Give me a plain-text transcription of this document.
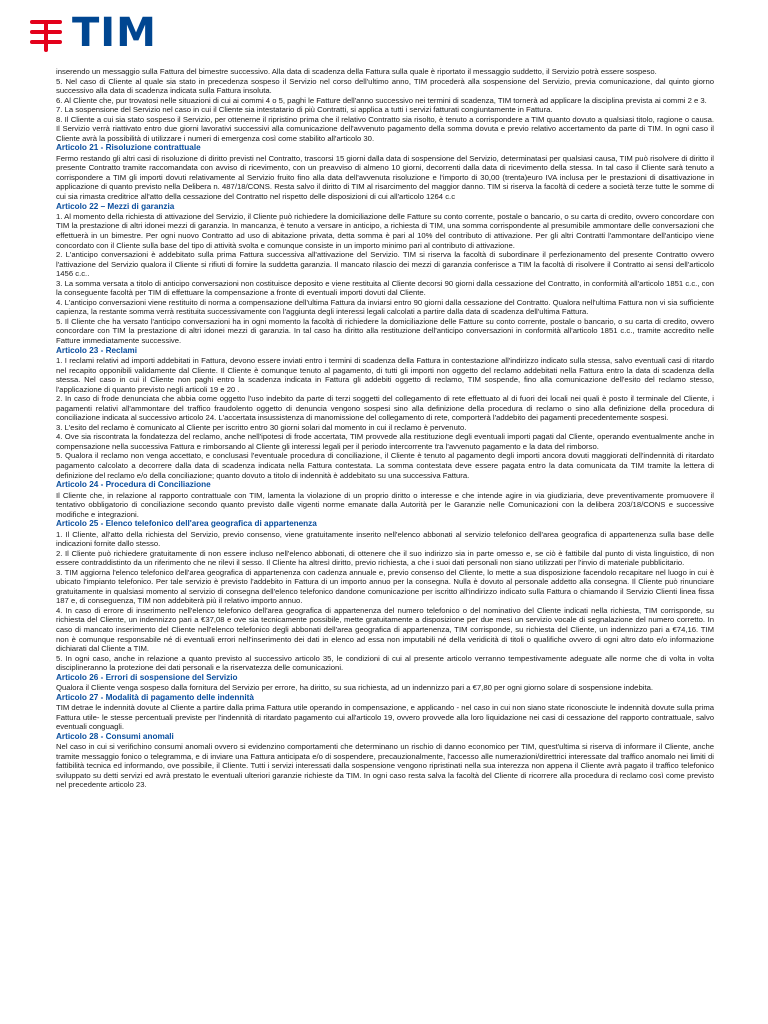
TIM

inserendo un messaggio sulla Fattura del bimestre successivo. Alla data di scadenza della Fattura sulla quale è riportato il messaggio suddetto, il Servizio potrà essere sospeso.

5. Nel caso di Cliente al quale sia stato in precedenza sospeso il Servizio nel corso dell'ultimo anno, TIM procederà alla sospensione del Servizio, previa comunicazione, dal quinto giorno successivo alla data di scadenza indicata sulla Fattura insoluta.

6. Al Cliente che, pur trovatosi nelle situazioni di cui ai commi 4 o 5, paghi le Fatture dell'anno successivo nei termini di scadenza, TIM tornerà ad applicare la disciplina prevista ai commi 2 e 3.

7. La sospensione del Servizio nel caso in cui il Cliente sia intestatario di più Contratti, si applica a tutti i servizi fatturati congiuntamente in Fattura.

8. Il Cliente a cui sia stato sospeso il Servizio, per ottenerne il ripristino prima che il relativo Contratto sia risolto, è tenuto a corrispondere a TIM quanto dovuto a qualsiasi titolo, ragione o causa. Il Servizio verrà riattivato entro due giorni lavorativi successivi alla comunicazione dell'avvenuto pagamento della somma dovuta e previo relativo accertamento da parte di TIM. In ogni caso il Cliente avrà la possibilità di utilizzare i numeri di emergenza così come stabilito all'articolo 30.

Articolo 21 - Risoluzione contrattuale

Fermo restando gli altri casi di risoluzione di diritto previsti nel Contratto, trascorsi 15 giorni dalla data di sospensione del Servizio, determinatasi per qualsiasi causa, TIM può risolvere di diritto il presente Contratto tramite raccomandata con avviso di ricevimento, con un preavviso di almeno 10 giorni, decorrenti dalla data di ricevimento della stessa. In tal caso il Cliente sarà tenuto a corrispondere a TIM gli importi dovuti relativamente al Servizio fruito fino alla data dell'avvenuta risoluzione e l'importo di 30,00 (trenta)euro IVA inclusa per le prestazioni di disattivazione in applicazione di quanto previsto nella Delibera n. 487/18/CONS. Resta salvo il diritto di TIM al risarcimento del maggior danno. TIM si riserva la facoltà di cedere a società terze tutte le somme di cui sia rimasta creditrice all'atto della cessazione del Contratto nel rispetto delle disposizioni di cui all'articolo 1264 c.c

Articolo 22 – Mezzi di garanzia

1. Al momento della richiesta di attivazione del Servizio, il Cliente può richiedere la domiciliazione delle Fatture su conto corrente, postale o bancario, o su carta di credito, ovvero concordare con TIM la prestazione di altri idonei mezzi di garanzia. In mancanza, è tenuto a versare in anticipo, a richiesta di TIM, una somma corrispondente al presumibile ammontare delle conversazioni che effettuerà in un bimestre. Per ogni nuovo Contratto ad uso di abitazione privata, detta somma è pari al 10% del contributo di attivazione. Per gli altri Contratti l'ammontare dell'anticipo viene concordato con il Cliente sulla base del tipo di attività svolta e comunque consiste in un importo minimo pari al contributo di attivazione.

2. L'anticipo conversazioni è addebitato sulla prima Fattura successiva all'attivazione del Servizio. TIM si riserva la facoltà di subordinare il perfezionamento del presente Contratto ovvero l'attivazione del Servizio qualora il Cliente si rifiuti di fornire la suddetta garanzia. Il mancato rilascio dei mezzi di garanzia conferisce a TIM la facoltà di risolvere il Contratto ai sensi dell'articolo 1456 c.c..

3. La somma versata a titolo di anticipo conversazioni non costituisce deposito e viene restituita al Cliente decorsi 90 giorni dalla cessazione del Contratto, in conformità all'articolo 1851 c.c., con la conseguente facoltà per TIM di effettuare la compensazione a fronte di eventuali importi dovuti dal Cliente.

4. L'anticipo conversazioni viene restituito di norma a compensazione dell'ultima Fattura da inviarsi entro 90 giorni dalla cessazione del Contratto. Qualora nell'ultima Fattura non vi sia sufficiente capienza, la restante somma verrà restituita successivamente con l'aggiunta degli interessi legali calcolati a partire dalla data di scadenza dell'ultima Fattura.

5. Il Cliente che ha versato l'anticipo conversazioni ha in ogni momento la facoltà di richiedere la domiciliazione delle Fatture su conto corrente, postale o bancario, o su carta di credito, ovvero concordare con TIM la prestazione di altri idonei mezzi di garanzia. In tal caso ha diritto alla restituzione dell'anticipo conversazioni in conformità all'articolo 1851 c.c., tramite accredito nelle Fatture immediatamente successive.

Articolo 23 - Reclami

1. I reclami relativi ad importi addebitati in Fattura, devono essere inviati entro i termini di scadenza della Fattura in contestazione all'indirizzo indicato sulla stessa, salvo eventuali casi di ritardo nel recapito opponibili validamente dal Cliente. Il Cliente è comunque tenuto al pagamento, di tutti gli importi non oggetto del reclamo addebitati nella Fattura entro la data di scadenza della stessa. Nel caso in cui il Cliente non paghi entro la scadenza indicata in Fattura gli addebiti oggetto di reclamo, TIM sospende, fino alla comunicazione dell'esito del reclamo stesso, l'applicazione di quanto previsto negli articoli 19 e 20 .

2. In caso di frode denunciata che abbia come oggetto l'uso indebito da parte di terzi soggetti del collegamento di rete effettuato al di fuori dei locali nei quali è posto il terminale del Cliente, i pagamenti relativi all'ammontare del traffico fraudolento oggetto di denuncia vengono sospesi sino alla definizione della procedura di reclamo o sino alla definizione della procedura di conciliazione indicata al successivo articolo 24. L'accertata insussistenza di manomissione del collegamento di rete, comporterà l'addebito dei pagamenti precedentemente sospesi.

3. L'esito del reclamo è comunicato al Cliente per iscritto entro 30 giorni solari dal momento in cui il reclamo è pervenuto.

4. Ove sia riscontrata la fondatezza del reclamo, anche nell'ipotesi di frode accertata, TIM provvede alla restituzione degli eventuali importi pagati dal Cliente, operando eventualmente anche in compensazione nella successiva Fattura e rimborsando al Cliente gli interessi legali per il periodo intercorrente tra l'avvenuto pagamento e la data del rimborso.

5. Qualora il reclamo non venga accettato, e conclusasi l'eventuale procedura di conciliazione, il Cliente è tenuto al pagamento degli importi ancora dovuti maggiorati dell'indennità di ritardato pagamento calcolato a decorrere dalla data di scadenza indicata nella Fattura contestata. La somma contestata deve essere pagata entro la data comunicata da TIM tramite la lettera di definizione del reclamo e/o della conciliazione; quanto dovuto a titolo di indennità è addebitato su una successiva Fattura.

Articolo 24 - Procedura di Conciliazione

Il Cliente che, in relazione al rapporto contrattuale con TIM, lamenta la violazione di un proprio diritto o interesse e che intende agire in via giudiziaria, deve preventivamente promuovere il tentativo obbligatorio di conciliazione secondo quanto previsto dalle vigenti norme emanate dalla Autorità per le Garanzie nelle Comunicazioni con la delibera 203/18/CONS e successive modifiche e integrazioni.

Articolo 25 - Elenco telefonico dell'area geografica di appartenenza

1. Il Cliente, all'atto della richiesta del Servizio, previo consenso, viene gratuitamente inserito nell'elenco abbonati al servizio telefonico dell'area geografica di appartenenza sulla base delle indicazioni fornite dallo stesso.

2. Il Cliente può richiedere gratuitamente di non essere incluso nell'elenco abbonati, di ottenere che il suo indirizzo sia in parte omesso e, se ciò è fattibile dal punto di vista linguistico, di non essere contraddistinto da un riferimento che ne rilevi il sesso. Il Cliente ha altresì diritto, previo richiesta, a che i suoi dati personali non siano utilizzati per l'invio di materiale pubblicitario.

3. TIM aggiorna l'elenco telefonico dell'area geografica di appartenenza con cadenza annuale e, previo consenso del Cliente, lo mette a sua disposizione facendolo recapitare nel luogo in cui è ubicato l'impianto telefonico. Per tale servizio è previsto l'addebito in Fattura di un importo annuo per la consegna. Nulla è dovuto al personale addetto alla consegna. Il Cliente può rinunciare gratuitamente in qualsiasi momento al servizio di consegna dell'elenco telefonico dandone comunicazione per iscritto all'indirizzo indicato sulla Fattura o chiamando il Servizio Clienti linea fissa 187 e, di conseguenza, TIM non addebiterà più il relativo importo annuo.

4. In caso di errore di inserimento nell'elenco telefonico dell'area geografica di appartenenza del numero telefonico o del nominativo del Cliente indicati nella richiesta, TIM corrisponde, su richiesta del Cliente, un indennizzo pari a €37,08 e ove sia tecnicamente possibile, mette gratuitamente a disposizione per due mesi un servizio vocale di segnalazione del numero corretto. In caso di mancato inserimento del Cliente nell'elenco telefonico degli abbonati dell'area geografica di appartenenza, TIM corrisponde, su richiesta del Cliente, un indennizzo pari a €74,16. TIM non è comunque responsabile né di eventuali errori nell'inserimento dei dati in elenco ad essa non imputabili né della veridicità di titoli o qualifiche ovvero di ogni altro dato e/o informazione dichiarati dal Cliente a TIM.

5. In ogni caso, anche in relazione a quanto previsto al successivo articolo 35, le condizioni di cui al presente articolo verranno tempestivamente adeguate alle norme che di volta in volta disciplineranno la protezione dei dati personali e la riservatezza delle comunicazioni.

Articolo 26 - Errori di sospensione del Servizio

Qualora il Cliente venga sospeso dalla fornitura del Servizio per errore, ha diritto, su sua richiesta, ad un indennizzo pari a €7,80 per ogni giorno solare di sospensione indebita.

Articolo 27 - Modalità di pagamento delle indennità

TIM detrae le indennità dovute al Cliente a partire dalla prima Fattura utile operando in compensazione, e applicando - nel caso in cui non siano state riconosciute le indennità dovute sulla prima Fattura utile- le stesse percentuali previste per l'indennità di ritardato pagamento cui all'articolo 19, ovvero provvede alla loro liquidazione nei casi di cessazione del rapporto contrattuale, salvo eventuali conguagli.

Articolo 28 - Consumi anomali

Nel caso in cui si verifichino consumi anomali ovvero si evidenzino comportamenti che determinano un rischio di danno economico per TIM, quest'ultima si riserva di informare il Cliente, anche tramite messaggio fonico o telegramma, e di inviare una Fattura anticipata e/o di sospendere, precauzionalmente, l'accesso alle numerazioni/direttrici interessate dal traffico anomalo nei limiti di fattibilità tecnica ed informando, ove possibile, il Cliente. Tutti i servizi interessati dalla sospensione vengono ripristinati nella sua interezza non appena il Cliente avrà pagato il traffico telefonico sviluppato su detti servizi ed avrà prestato le eventuali ulteriori garanzie richieste da TIM. In ogni caso resta salva la facoltà del Cliente di ricorrere alla procedura di reclamo così come previsto nel precedente articolo 23.
